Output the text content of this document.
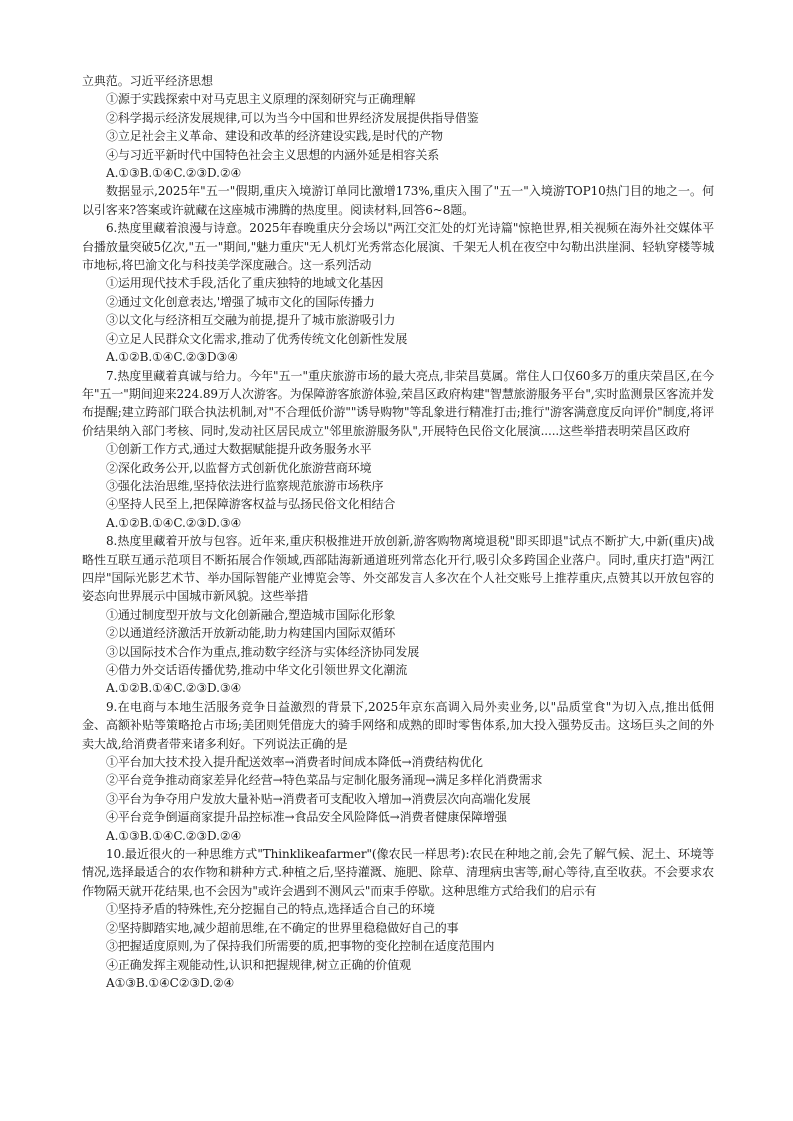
立典范。习近平经济思想
①源于实践探索中对马克思主义原理的深刻研究与正确理解
②科学揭示经济发展规律,可以为当今中国和世界经济发展提供指导借鉴
③立足社会主义革命、建设和改革的经济建设实践,是时代的产物
④与习近平新时代中国特色社会主义思想的内涵外延是相容关系
A.①③B.①④C.②③D.②④
数据显示,2025年"五一"假期,重庆入境游订单同比激增173%,重庆入围了"五一"入境游TOP10热门目的地之一。何以引客来?答案或许就藏在这座城市沸腾的热度里。阅读材料,回答6~8题。
6.热度里藏着浪漫与诗意。2025年春晚重庆分会场以"两江交汇处的灯光诗篇"惊艳世界,相关视频在海外社交媒体平台播放量突破5亿次,"五一"期间,"魅力重庆"无人机灯光秀常态化展演、千架无人机在夜空中勾勒出洪崖洞、轻轨穿楼等城市地标,将巴渝文化与科技美学深度融合。这一系列活动
①运用现代技术手段,活化了重庆独特的地域文化基因
②通过文化创意表达,'增强了城市文化的国际传播力
③以文化与经济相互交融为前提,提升了城市旅游吸引力
④立足人民群众文化需求,推动了优秀传统文化创新性发展
A.①②B.①④C.②③D③④
7.热度里藏着真诚与给力。今年"五一"重庆旅游市场的最大亮点,非荣昌莫属。常住人口仅60多万的重庆荣昌区,在今年"五一"期间迎来224.89万人次游客。为保障游客旅游体验,荣昌区政府构建"智慧旅游服务平台",实时监测景区客流并发布提醒;建立跨部门联合执法机制,对"不合理低价游""诱导购物"等乱象进行精准打击;推行"游客满意度反向评价"制度,将评价结果纳入部门考核、同时,发动社区居民成立"邻里旅游服务队",开展特色民俗文化展演.....这些举措表明荣昌区政府
①创新工作方式,通过大数据赋能提升政务服务水平
②深化政务公开,以监督方式创新优化旅游营商环境
③强化法治思维,坚持依法进行监察规范旅游市场秩序
④坚持人民至上,把保障游客权益与弘扬民俗文化相结合
A.①②B.①④C.②③D.③④
8.热度里藏着开放与包容。近年来,重庆积极推进开放创新,游客购物离境退税"即买即退"试点不断扩大,中新(重庆)战略性互联互通示范项目不断拓展合作领域,西部陆海新通道班列常态化开行,吸引众多跨国企业落户。同时,重庆打造"两江四岸"国际光影艺术节、举办国际智能产业博览会等、外交部发言人多次在个人社交账号上推荐重庆,点赞其以开放包容的姿态向世界展示中国城市新风貌。这些举措
①通过制度型开放与文化创新融合,塑造城市国际化形象
②以通道经济激活开放新动能,助力构建国内国际双循环
③以国际技术合作为重点,推动数字经济与实体经济协同发展
④借力外交话语传播优势,推动中华文化引领世界文化潮流
A.①②B.①④C.②③D.③④
9.在电商与本地生活服务竞争日益激烈的背景下,2025年京东高调入局外卖业务,以"品质堂食"为切入点,推出低佣金、高额补贴等策略抢占市场;美团则凭借庞大的骑手网络和成熟的即时零售体系,加大投入强势反击。这场巨头之间的外卖大战,给消费者带来诸多利好。下列说法正确的是
①平台加大技术投入提升配送效率→消费者时间成本降低→消费结构优化
②平台竞争推动商家差异化经营→特色菜品与定制化服务涌现→满足多样化消费需求
③平台为争夺用户发放大量补贴→消费者可支配收入增加→消费层次向高端化发展
④平台竞争倒逼商家提升品控标准→食品安全风险降低→消费者健康保障增强
A.①③B.①④C.②③D.②④
10.最近很火的一种思维方式"Thinklikeafarmer"(像农民一样思考):农民在种地之前,会先了解气候、泥土、环境等情况,选择最适合的农作物和耕种方式.种植之后,坚持灌溉、施肥、除草、清理病虫害等,耐心等待,直至收获。不会要求农作物隔天就开花结果,也不会因为"或许会遇到不测风云"而束手停歇。这种思维方式给我们的启示有
①坚持矛盾的特殊性,充分挖掘自己的特点,选择适合自己的环境
②坚持脚踏实地,减少超前思维,在不确定的世界里稳稳做好自己的事
③把握适度原则,为了保持我们所需要的质,把事物的变化控制在适度范围内
④正确发挥主观能动性,认识和把握规律,树立正确的价值观
A①③B.①④C②③D.②④
